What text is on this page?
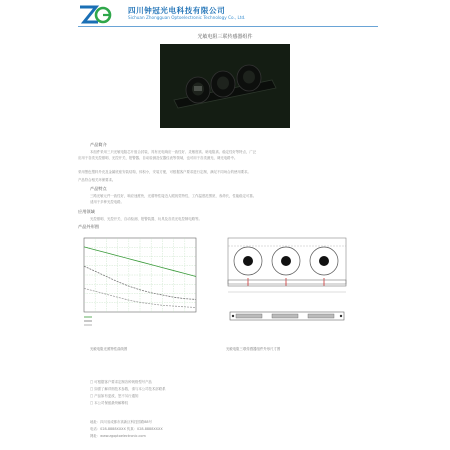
四川钟冠光电科技有限公司
Sichuan Zhongguan Optoelectronic Technology Co., Ltd.
光敏电阻三联传感器组件
产品简介
本组件采用三只光敏电阻芯片组合封装，具有光电响应一致性好、灵敏度高、暗电阻高、稳定性好等特点，广泛
应用于各类光控照明、光控开关、报警器、自动检测及仪器仪表等领域，也可用于各类测光、调光电路中。
采用黑色塑料外壳及金属底座安装结构，体积小，安装方便，可根据客户要求进行定制，满足不同场合的使用要求。
产品符合相关环保要求。
产品特点
三路光敏元件一致性好，响应速度快，光谱特性接近人眼视觉特性，工作温度范围宽，寿命长，性能稳定可靠。
适用于多种光控电路。
应用领域
光控照明、光控开关、自动检测、报警装置、玩具及各类光电控制电路等。
产品外形图
光敏电阻光照特性曲线图	光敏电阻三联传感器组件外形尺寸图
□ 可根据客户要求定制各种规格型号产品
□ 如需了解详细技术参数，请与本公司技术部联系
□ 产品如有更改，恕不另行通知
□ 本公司保留最终解释权
地址：四川省成都市高新区科技园路88号
电话：028-8888XXXX 传真：028-8888XXXX
网址：www.zgoptoelectronic.com
